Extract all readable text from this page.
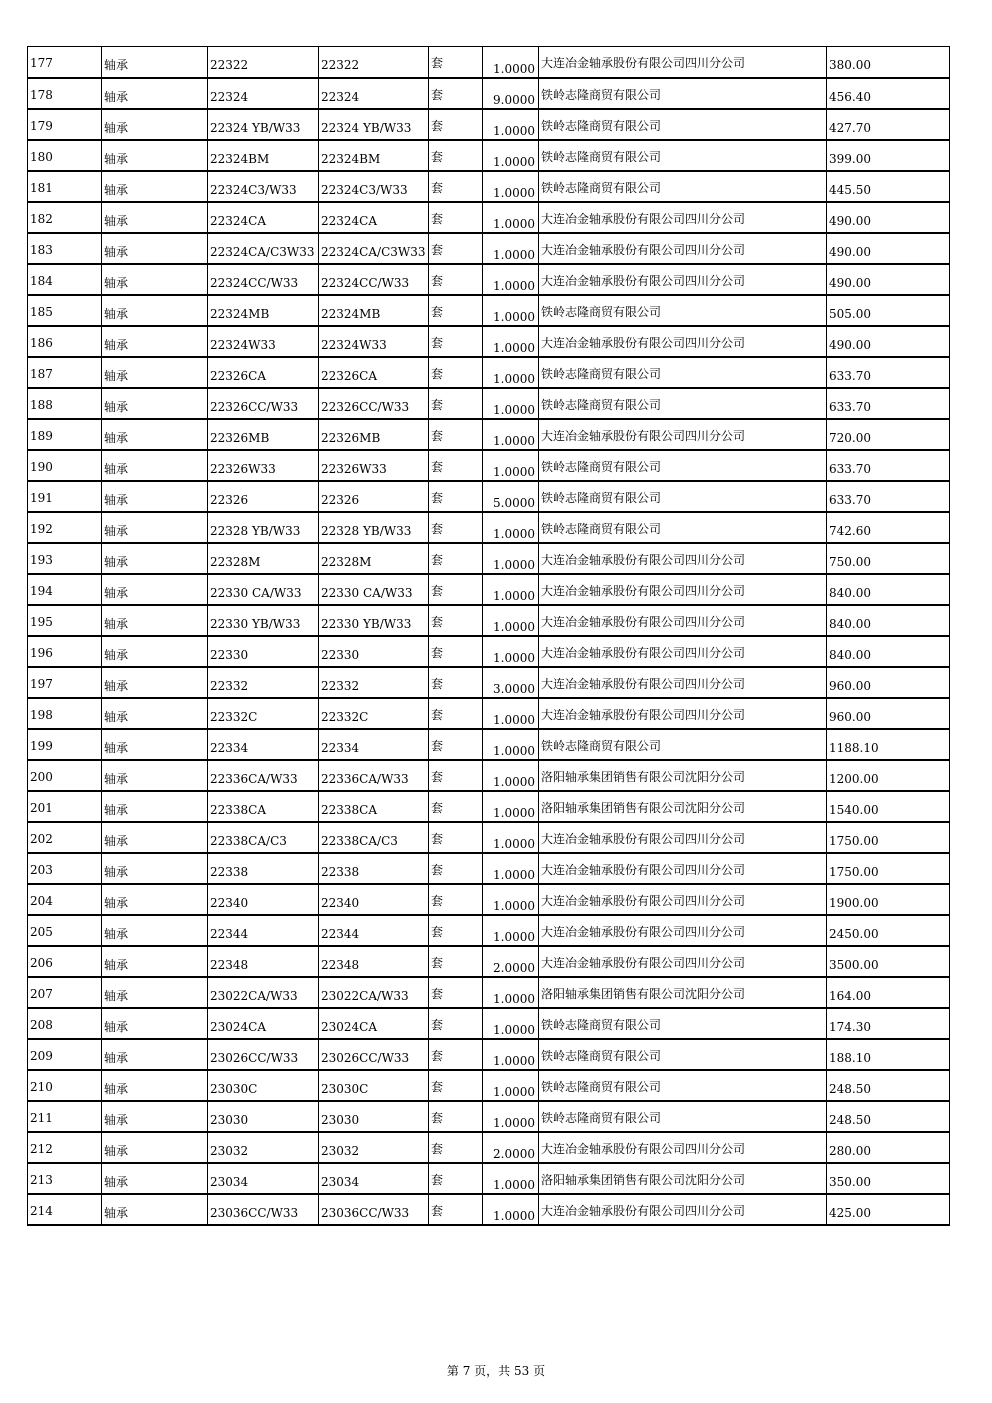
177	轴承	22322	22322	套	1.0000	大连冶金轴承股份有限公司四川分公司	380.00
178	轴承	22324	22324	套	9.0000	铁岭志隆商贸有限公司	456.40
179	轴承	22324 YB/W33	22324 YB/W33	套	1.0000	铁岭志隆商贸有限公司	427.70
180	轴承	22324BM	22324BM	套	1.0000	铁岭志隆商贸有限公司	399.00
181	轴承	22324C3/W33	22324C3/W33	套	1.0000	铁岭志隆商贸有限公司	445.50
182	轴承	22324CA	22324CA	套	1.0000	大连冶金轴承股份有限公司四川分公司	490.00
183	轴承	22324CA/C3W33	22324CA/C3W33	套	1.0000	大连冶金轴承股份有限公司四川分公司	490.00
184	轴承	22324CC/W33	22324CC/W33	套	1.0000	大连冶金轴承股份有限公司四川分公司	490.00
185	轴承	22324MB	22324MB	套	1.0000	铁岭志隆商贸有限公司	505.00
186	轴承	22324W33	22324W33	套	1.0000	大连冶金轴承股份有限公司四川分公司	490.00
187	轴承	22326CA	22326CA	套	1.0000	铁岭志隆商贸有限公司	633.70
188	轴承	22326CC/W33	22326CC/W33	套	1.0000	铁岭志隆商贸有限公司	633.70
189	轴承	22326MB	22326MB	套	1.0000	大连冶金轴承股份有限公司四川分公司	720.00
190	轴承	22326W33	22326W33	套	1.0000	铁岭志隆商贸有限公司	633.70
191	轴承	22326	22326	套	5.0000	铁岭志隆商贸有限公司	633.70
192	轴承	22328 YB/W33	22328 YB/W33	套	1.0000	铁岭志隆商贸有限公司	742.60
193	轴承	22328M	22328M	套	1.0000	大连冶金轴承股份有限公司四川分公司	750.00
194	轴承	22330 CA/W33	22330 CA/W33	套	1.0000	大连冶金轴承股份有限公司四川分公司	840.00
195	轴承	22330 YB/W33	22330 YB/W33	套	1.0000	大连冶金轴承股份有限公司四川分公司	840.00
196	轴承	22330	22330	套	1.0000	大连冶金轴承股份有限公司四川分公司	840.00
197	轴承	22332	22332	套	3.0000	大连冶金轴承股份有限公司四川分公司	960.00
198	轴承	22332C	22332C	套	1.0000	大连冶金轴承股份有限公司四川分公司	960.00
199	轴承	22334	22334	套	1.0000	铁岭志隆商贸有限公司	1188.10
200	轴承	22336CA/W33	22336CA/W33	套	1.0000	洛阳轴承集团销售有限公司沈阳分公司	1200.00
201	轴承	22338CA	22338CA	套	1.0000	洛阳轴承集团销售有限公司沈阳分公司	1540.00
202	轴承	22338CA/C3	22338CA/C3	套	1.0000	大连冶金轴承股份有限公司四川分公司	1750.00
203	轴承	22338	22338	套	1.0000	大连冶金轴承股份有限公司四川分公司	1750.00
204	轴承	22340	22340	套	1.0000	大连冶金轴承股份有限公司四川分公司	1900.00
205	轴承	22344	22344	套	1.0000	大连冶金轴承股份有限公司四川分公司	2450.00
206	轴承	22348	22348	套	2.0000	大连冶金轴承股份有限公司四川分公司	3500.00
207	轴承	23022CA/W33	23022CA/W33	套	1.0000	洛阳轴承集团销售有限公司沈阳分公司	164.00
208	轴承	23024CA	23024CA	套	1.0000	铁岭志隆商贸有限公司	174.30
209	轴承	23026CC/W33	23026CC/W33	套	1.0000	铁岭志隆商贸有限公司	188.10
210	轴承	23030C	23030C	套	1.0000	铁岭志隆商贸有限公司	248.50
211	轴承	23030	23030	套	1.0000	铁岭志隆商贸有限公司	248.50
212	轴承	23032	23032	套	2.0000	大连冶金轴承股份有限公司四川分公司	280.00
213	轴承	23034	23034	套	1.0000	洛阳轴承集团销售有限公司沈阳分公司	350.00
214	轴承	23036CC/W33	23036CC/W33	套	1.0000	大连冶金轴承股份有限公司四川分公司	425.00
第 7 页，共 53 页
